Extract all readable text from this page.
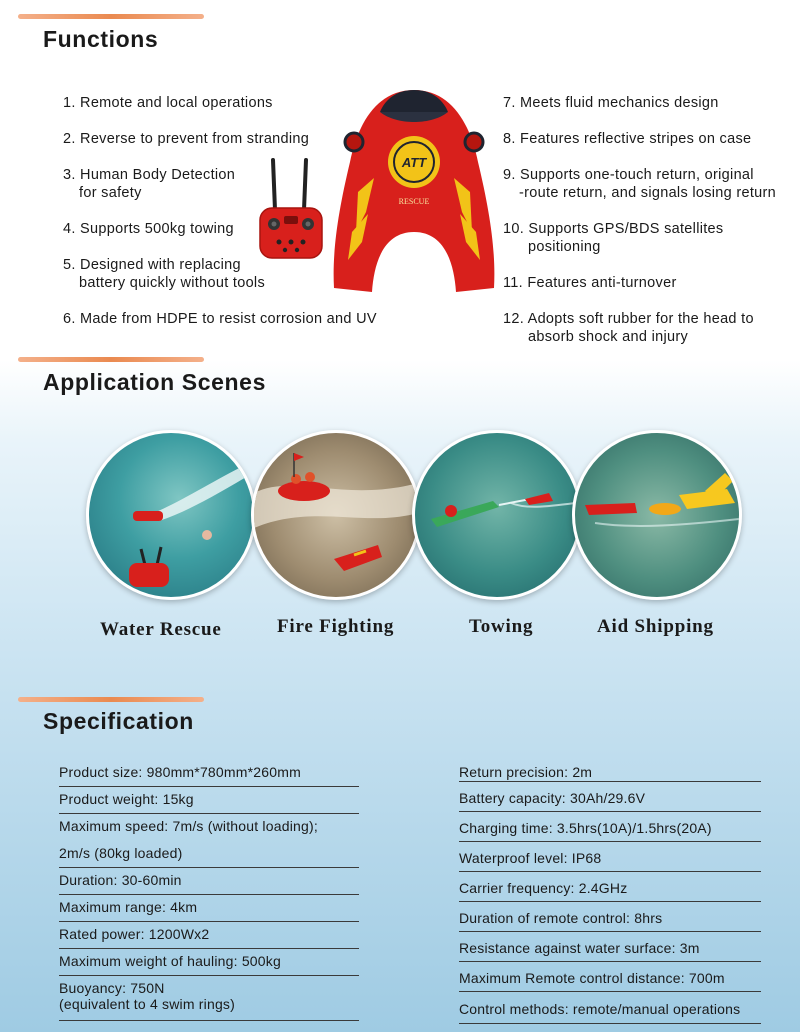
Functions
1. Remote and local operations
2. Reverse to prevent from stranding
3. Human Body Detection
for safety
4. Supports 500kg towing
5. Designed with replacing
battery quickly without tools
6. Made from HDPE to resist corrosion and UV
7. Meets fluid mechanics design
8. Features reflective stripes on case
9. Supports one-touch return, original
-route return, and signals losing return
10. Supports GPS/BDS satellites
positioning
11. Features anti-turnover
12. Adopts soft rubber for the head to
absorb shock and injury
ATT
RESCUE
Application Scenes
Water Rescue	Fire Fighting	Towing	Aid Shipping
Specification
Product size: 980mm*780mm*260mm
Product weight: 15kg
Maximum speed: 7m/s (without loading);
2m/s (80kg loaded)
Duration: 30-60min
Maximum range: 4km
Rated power: 1200Wx2
Maximum weight of hauling: 500kg
Buoyancy: 750N
(equivalent to 4 swim rings)
Return precision: 2m
Battery capacity: 30Ah/29.6V
Charging time: 3.5hrs(10A)/1.5hrs(20A)
Waterproof level: IP68
Carrier frequency: 2.4GHz
Duration of remote control: 8hrs
Resistance against water surface: 3m
Maximum Remote control distance: 700m
Control methods: remote/manual operations
